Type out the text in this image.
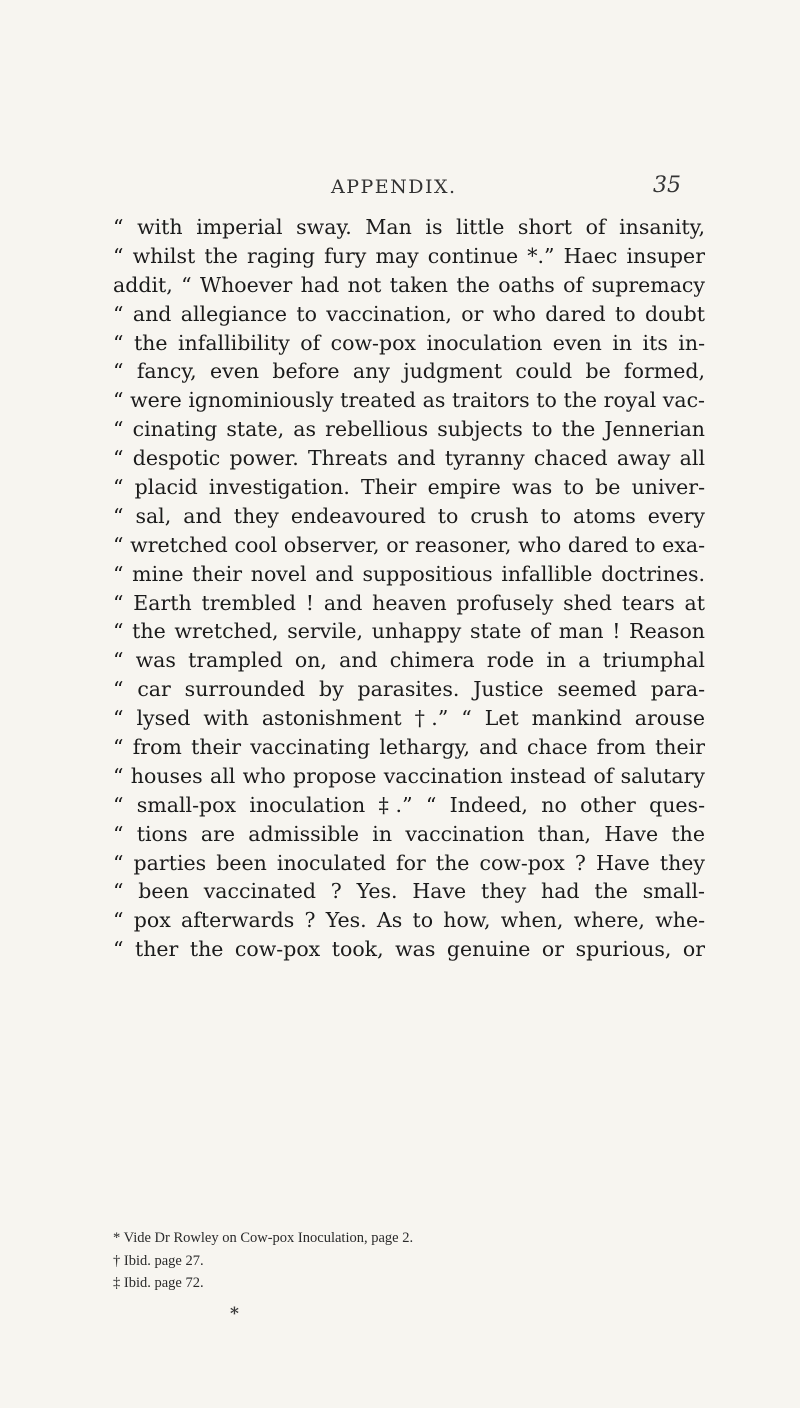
APPENDIX.	35
“ with imperial sway. Man is little short of insanity,
“ whilst the raging fury may continue *.” Haec insuper
addit, “ Whoever had not taken the oaths of supremacy
“ and allegiance to vaccination, or who dared to doubt
“ the infallibility of cow-pox inoculation even in its in-
“ fancy, even before any judgment could be formed,
“ were ignominiously treated as traitors to the royal vac-
“ cinating state, as rebellious subjects to the Jennerian
“ despotic power. Threats and tyranny chaced away all
“ placid investigation. Their empire was to be univer-
“ sal, and they endeavoured to crush to atoms every
“ wretched cool observer, or reasoner, who dared to exa-
“ mine their novel and suppositious infallible doctrines.
“ Earth trembled ! and heaven profusely shed tears at
“ the wretched, servile, unhappy state of man ! Reason
“ was trampled on, and chimera rode in a triumphal
“ car surrounded by parasites. Justice seemed para-
“ lysed with astonishment †.” “ Let mankind arouse
“ from their vaccinating lethargy, and chace from their
“ houses all who propose vaccination instead of salutary
“ small-pox inoculation ‡.” “ Indeed, no other ques-
“ tions are admissible in vaccination than, Have the
“ parties been inoculated for the cow-pox ? Have they
“ been vaccinated ? Yes. Have they had the small-
“ pox afterwards ? Yes. As to how, when, where, whe-
“ ther the cow-pox took, was genuine or spurious, or
* Vide Dr Rowley on Cow-pox Inoculation, page 2.
† Ibid. page 27.
‡ Ibid. page 72.
*
